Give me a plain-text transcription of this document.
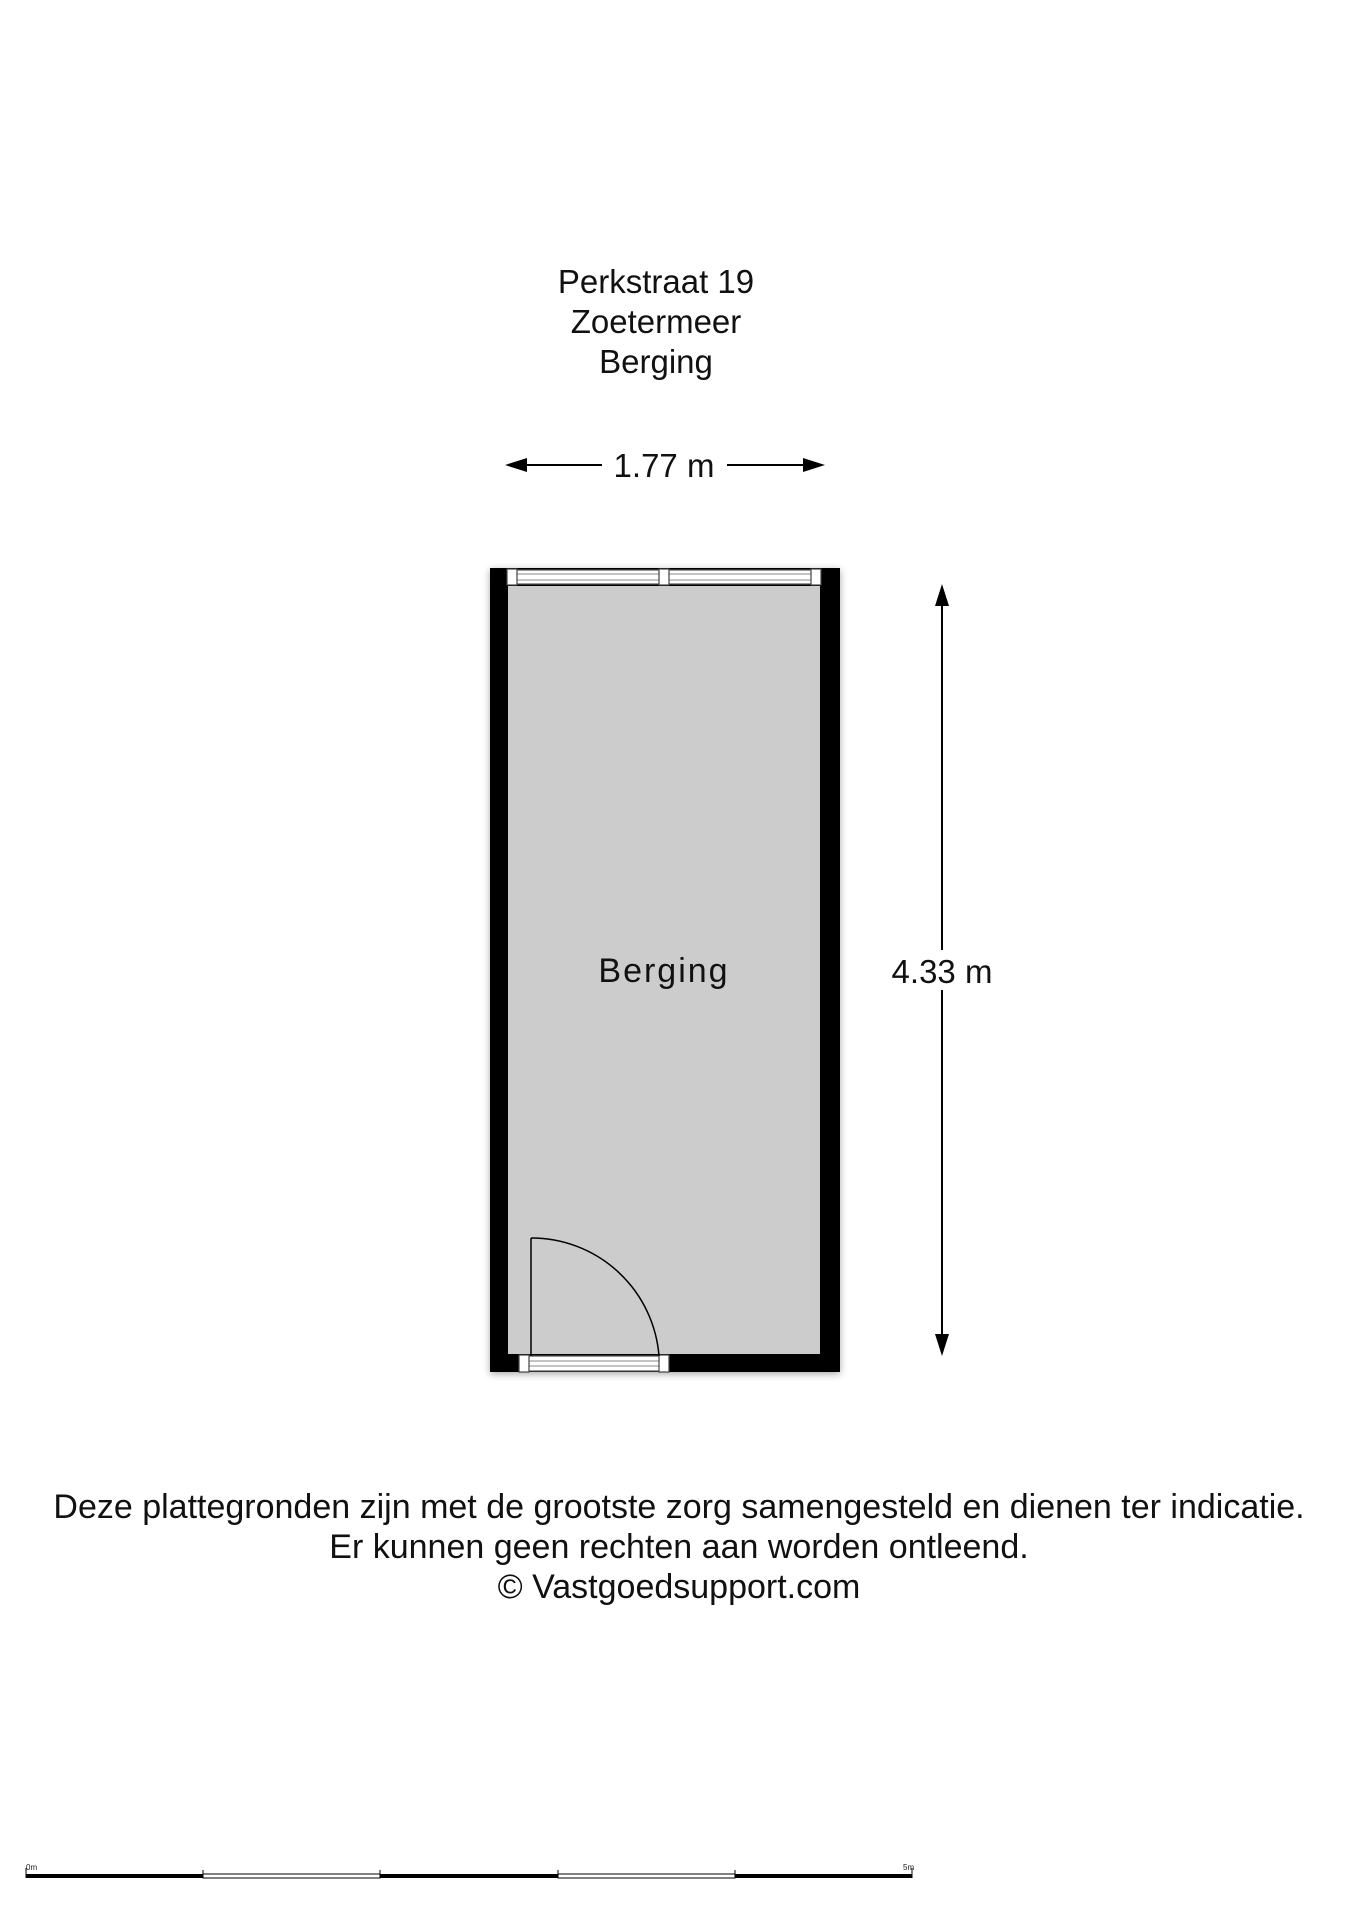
Perkstraat 19
Zoetermeer
Berging
1.77 m
Berging	4.33 m
0m	5m
Deze plattegronden zijn met de grootste zorg samengesteld en dienen ter indicatie.
Er kunnen geen rechten aan worden ontleend.
© Vastgoedsupport.com
